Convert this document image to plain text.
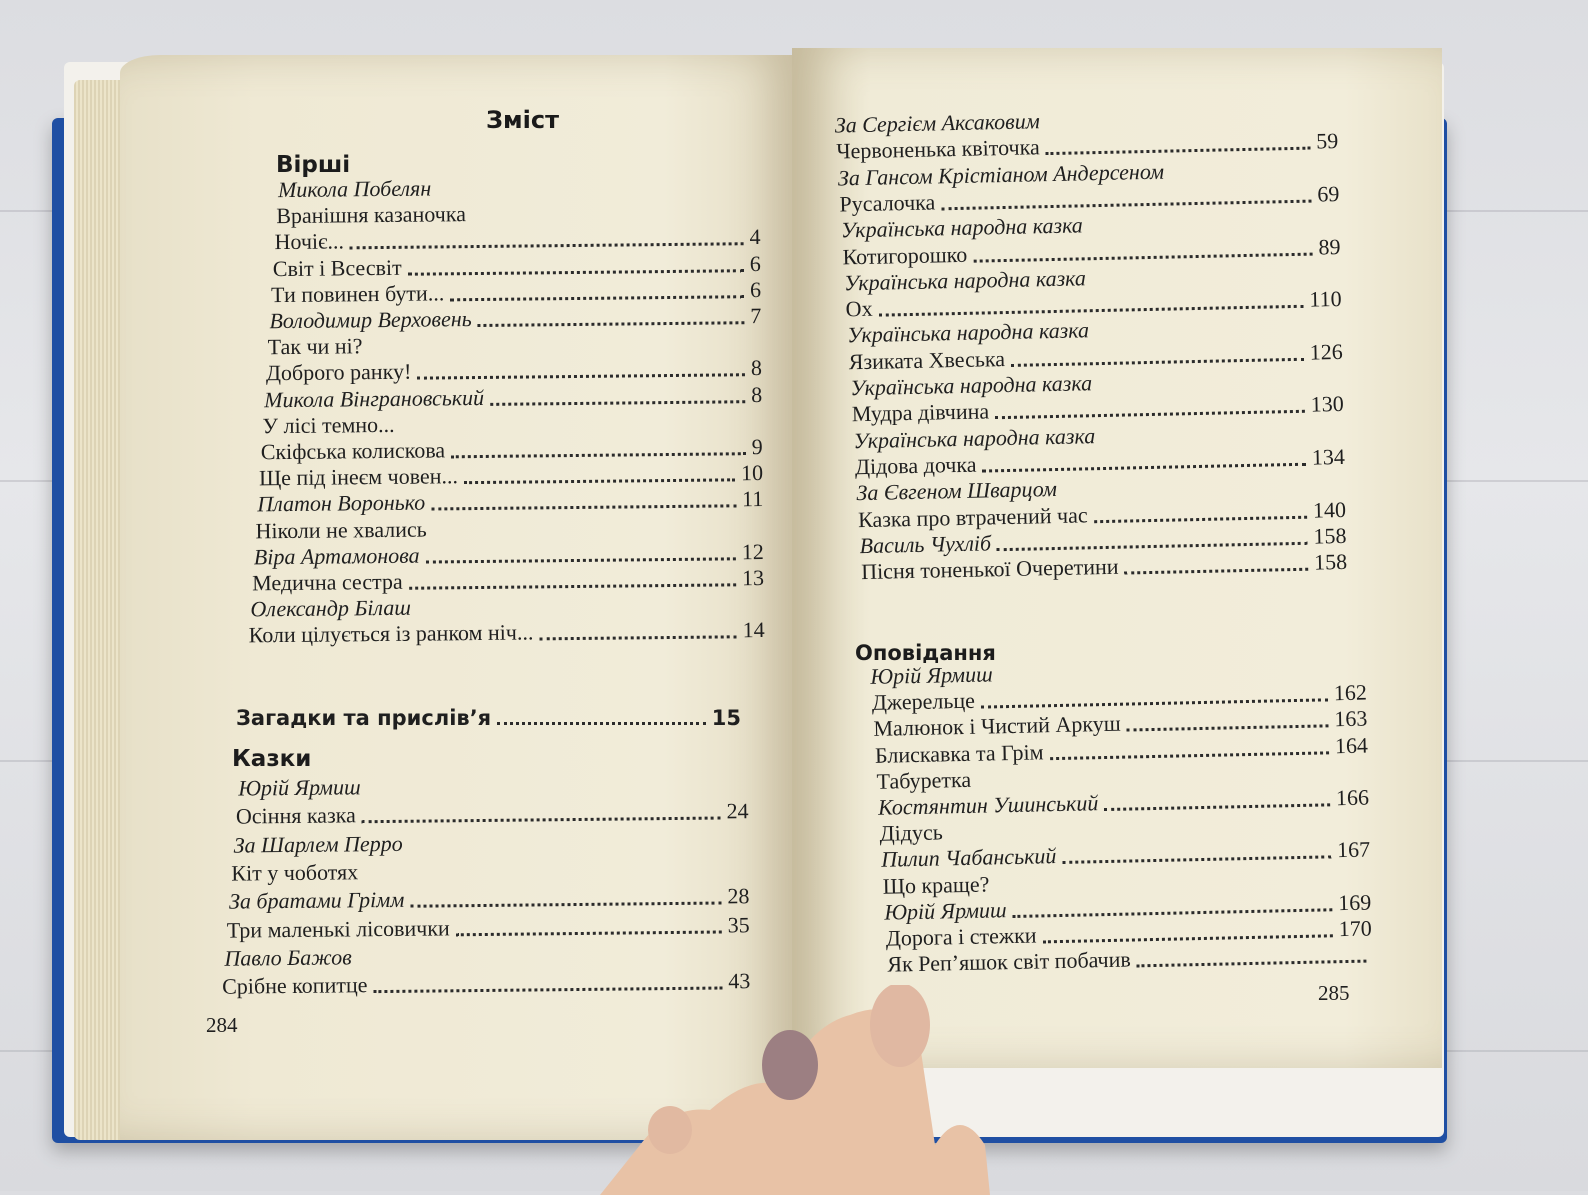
Зміст
Вірші
Микола Побелян
Вранішня казаночка
Ночіє...	4
Світ і Всесвіт	6
Ти повинен бути...	6
Володимир Верховень	7
Так чи ні?
Доброго ранку!	8
Микола Вінграновський	8
У лісі темно...
Скіфська колискова	9
Ще під інеєм човен...	10
Платон Воронько	11
Ніколи не хвались
Віра Артамонова	12
Медична сестра	13
Олександр Білаш
Коли цілується із ранком ніч...	14
Загадки та прислів’я	15
Казки
Юрій Ярмиш
Осіння казка	24
За Шарлем Перро
Кіт у чоботях
За братами Грімм	28
Три маленькі лісовички	35
Павло Бажов
Срібне копитце	43
284
За Сергієм Аксаковим
Червоненька квіточка	59
За Гансом Крістіаном Андерсеном
Русалочка	69
Українська народна казка
Котигорошко	89
Українська народна казка
Ох	110
Українська народна казка
Язиката Хвеська	126
Українська народна казка
Мудра дівчина	130
Українська народна казка
Дідова дочка	134
За Євгеном Шварцом
Казка про втрачений час	140
Василь Чухліб	158
Пісня тоненької Очеретини	158
Оповідання
Юрій Ярмиш
Джерельце	162
Малюнок і Чистий Аркуш	163
Блискавка та Грім	164
Табуретка
Костянтин Ушинський	166
Дідусь
Пилип Чабанський	167
Що краще?
Юрій Ярмиш	169
Дорога і стежки	170
Як Реп’яшок світ побачив
285
